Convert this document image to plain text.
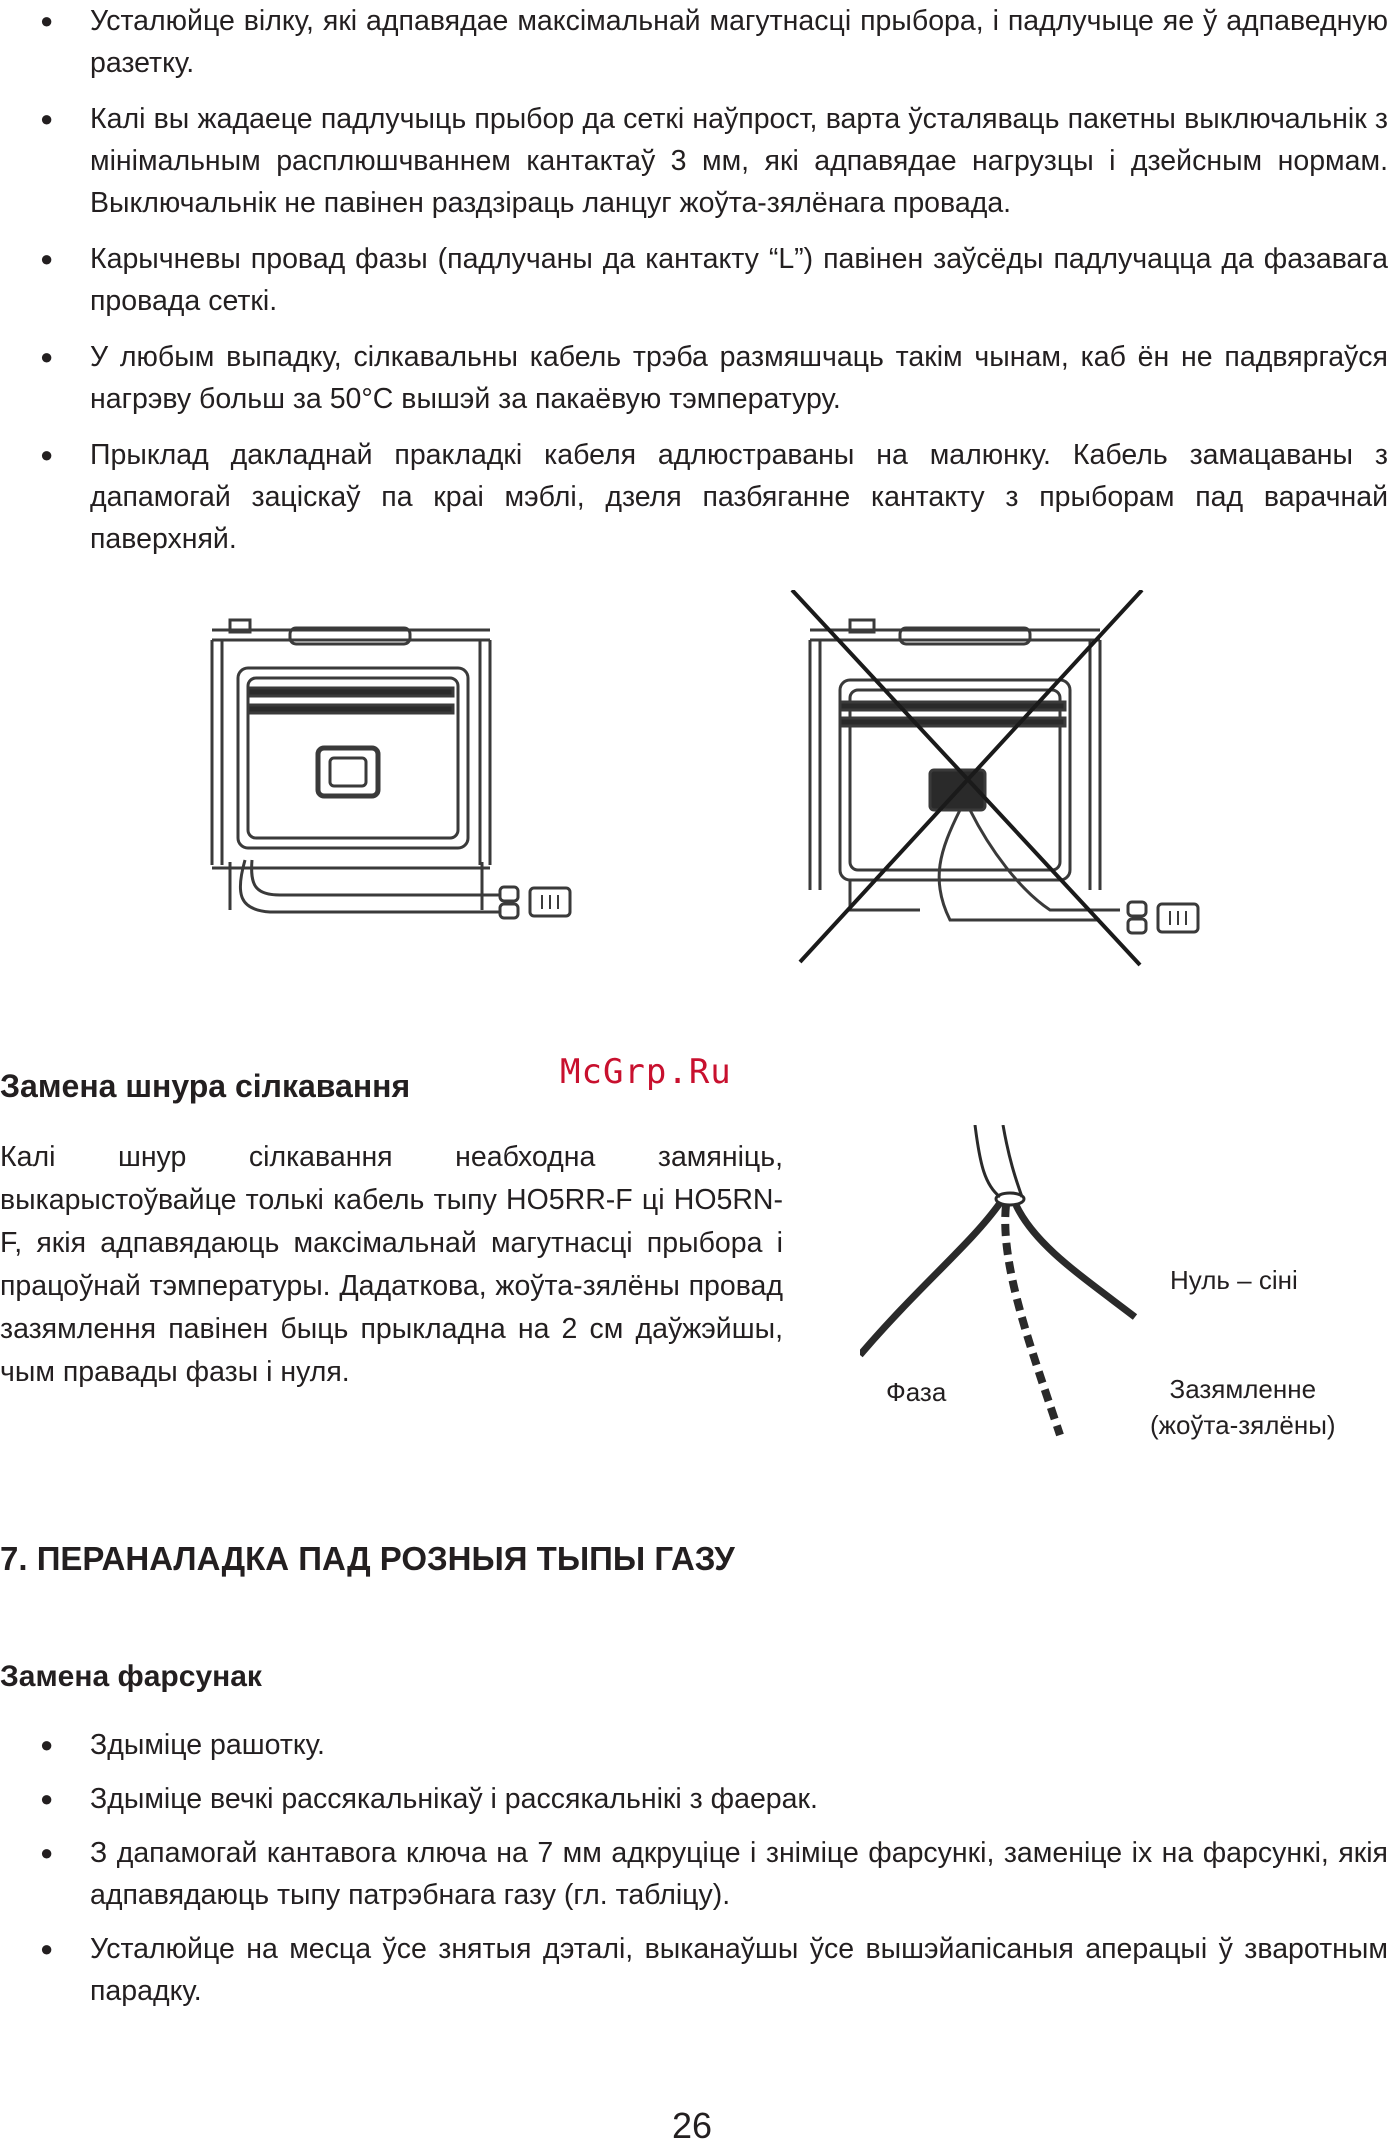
● Усталюйце вілку, які адпавядае максімальнай магутнасці прыбора, і падлучыце яе ў адпаведную разетку.
● Калі вы жадаеце падлучыць прыбор да сеткі наўпрост, варта ўсталяваць пакетны выключальнік з мінімальным расплюшчваннем кантактаў 3 мм, які адпавядае нагрузцы і дзейсным нормам. Выключальнік не павінен раздзіраць ланцуг жоўта-зялёнага провада.
● Карычневы провад фазы (падлучаны да кантакту “L”) павінен заўсёды падлучацца да фазавага провада сеткі.
● У любым выпадку, сілкавальны кабель трэба размяшчаць такім чынам, каб ён не падвяргаўся нагрэву больш за 50°C вышэй за пакаёвую тэмпературу.
● Прыклад дакладнай пракладкі кабеля адлюстраваны на малюнку. Кабель замацаваны з дапамогай заціскаў па краі мэблі, дзеля пазбяганне кантакту з прыборам пад варачнай паверхняй.
Замена шнура сілкавання	McGrp.Ru

Калі шнур сілкавання неабходна замяніць, выкарыстоўвайце толькі кабель тыпу HO5RR-F ці HO5RN-F, якія адпавядаюць максімальнай магутнасці прыбора і працоўнай тэмпературы. Дадаткова, жоўта-зялёны провад зазямлення павінен быць прыкладна на 2 см даўжэйшы, чым правады фазы і нуля.

Нуль – сіні
Фаза	Зазямленне
(жоўта-зялёны)
7. ПЕРАНАЛАДКА ПАД РОЗНЫЯ ТЫПЫ ГАЗУ
Замена фарсунак
● Здыміце рашотку.
● Здыміце вечкі рассякальнікаў і рассякальнікі з фаерак.
● З дапамогай кантавога ключа на 7 мм адкруціце і зніміце фарсункі, заменіце іх на фарсункі, якія адпавядаюць тыпу патрэбнага газу (гл. табліцу).
● Усталюйце на месца ўсе знятыя дэталі, выканаўшы ўсе вышэйапісаныя аперацыі ў зваротным парадку.
26
